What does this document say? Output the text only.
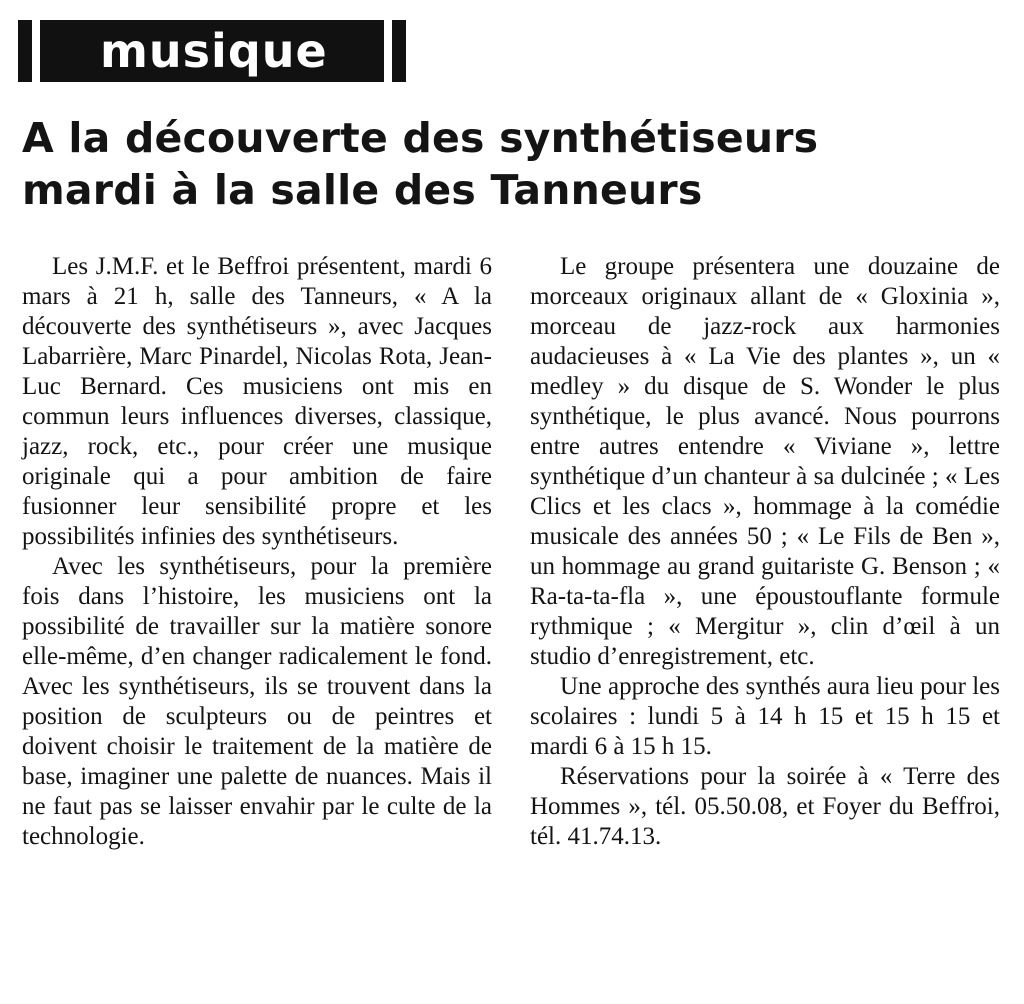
musique
A la découverte des synthétiseurs
mardi à la salle des Tanneurs

Les J.M.F. et le Beffroi présentent, mardi 6 mars à 21 h, salle des Tanneurs, « A la découverte des synthétiseurs », avec Jacques Labarrière, Marc Pinardel, Nicolas Rota, Jean-Luc Bernard. Ces musiciens ont mis en commun leurs influences diverses, classique, jazz, rock, etc., pour créer une musique originale qui a pour ambition de faire fusionner leur sensibilité propre et les possibilités infinies des synthétiseurs.

Avec les synthétiseurs, pour la première fois dans l’histoire, les musiciens ont la possibilité de travailler sur la matière sonore elle-même, d’en changer radicalement le fond. Avec les synthétiseurs, ils se trouvent dans la position de sculpteurs ou de peintres et doivent choisir le traitement de la matière de base, imaginer une palette de nuances. Mais il ne faut pas se laisser envahir par le culte de la technologie.

Le groupe présentera une douzaine de morceaux originaux allant de « Gloxinia », morceau de jazz-rock aux harmonies audacieuses à « La Vie des plantes », un « medley » du disque de S. Wonder le plus synthétique, le plus avancé. Nous pourrons entre autres entendre « Viviane », lettre synthétique d’un chanteur à sa dulcinée ; « Les Clics et les clacs », hommage à la comédie musicale des années 50 ; « Le Fils de Ben », un hommage au grand guitariste G. Benson ; « Ra-ta-ta-fla », une époustouflante formule rythmique ; « Mergitur », clin d’œil à un studio d’enregistrement, etc.

Une approche des synthés aura lieu pour les scolaires : lundi 5 à 14 h 15 et 15 h 15 et mardi 6 à 15 h 15.

Réservations pour la soirée à « Terre des Hommes », tél. 05.50.08, et Foyer du Beffroi, tél. 41.74.13.
